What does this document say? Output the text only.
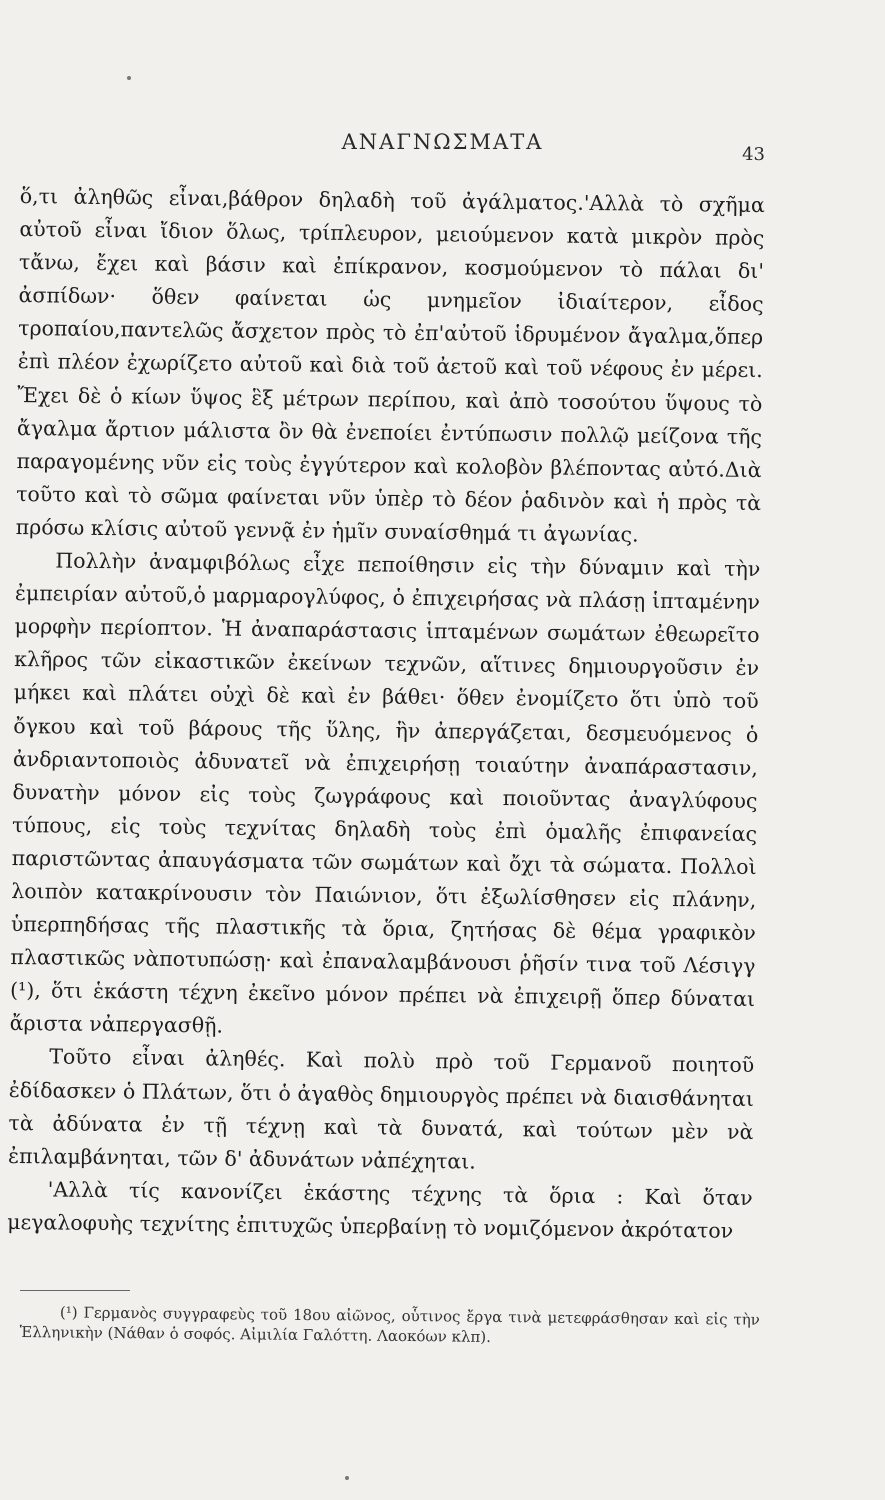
ΑΝΑΓΝΩΣΜΑΤΑ
43

ὅ,τι ἀληθῶς εἶναι,βάθρον δηλαδὴ τοῦ ἀγάλματος.'Αλλὰ τὸ σχῆμα αὐτοῦ εἶναι ἴδιον ὅλως, τρίπλευρον, μειούμενον κατὰ μικρὸν πρὸς τἄνω, ἔχει καὶ βάσιν καὶ ἐπίκρανον, κοσμούμενον τὸ πάλαι δι' ἀσπίδων· ὅθεν φαίνεται ὡς μνημεῖον ἰδιαίτερον, εἶδος τροπαίου,παντελῶς ἄσχετον πρὸς τὸ ἐπ'αὐτοῦ ἱδρυμένον ἄγαλμα,ὅπερ ἐπὶ πλέον ἐχωρίζετο αὐτοῦ καὶ διὰ τοῦ ἀετοῦ καὶ τοῦ νέφους ἐν μέρει. Ἔχει δὲ ὁ κίων ὕψος ἓξ μέτρων περίπου, καὶ ἀπὸ τοσούτου ὕψους τὸ ἄγαλμα ἄρτιον μάλιστα ὂν θὰ ἐνεποίει ἐντύπωσιν πολλῷ μείζονα τῆς παραγομένης νῦν εἰς τοὺς ἐγγύτερον καὶ κολοβὸν βλέποντας αὐτό.Διὰ τοῦτο καὶ τὸ σῶμα φαίνεται νῦν ὑπὲρ τὸ δέον ῥαδινὸν καὶ ἡ πρὸς τὰ πρόσω κλίσις αὐτοῦ γεννᾷ ἐν ἡμῖν συναίσθημά τι ἀγωνίας.

Πολλὴν ἀναμφιβόλως εἶχε πεποίθησιν εἰς τὴν δύναμιν καὶ τὴν ἐμπειρίαν αὐτοῦ,ὁ μαρμαρογλύφος, ὁ ἐπιχειρήσας νὰ πλάσῃ ἱπταμένην μορφὴν περίοπτον. Ἡ ἀναπαράστασις ἱπταμένων σωμάτων ἐθεωρεῖτο κλῆρος τῶν εἰκαστικῶν ἐκείνων τεχνῶν, αἵτινες δημιουργοῦσιν ἐν μήκει καὶ πλάτει οὐχὶ δὲ καὶ ἐν βάθει· ὅθεν ἐνομίζετο ὅτι ὑπὸ τοῦ ὄγκου καὶ τοῦ βάρους τῆς ὕλης, ἣν ἀπεργάζεται, δεσμευόμενος ὁ ἀνδριαντοποιὸς ἀδυνατεῖ νὰ ἐπιχειρήσῃ τοιαύτην ἀναπάραστασιν, δυνατὴν μόνον εἰς τοὺς ζωγράφους καὶ ποιοῦντας ἀναγλύφους τύπους, εἰς τοὺς τεχνίτας δηλαδὴ τοὺς ἐπὶ ὁμαλῆς ἐπιφανείας παριστῶντας ἀπαυγάσματα τῶν σωμάτων καὶ ὄχι τὰ σώματα. Πολλοὶ λοιπὸν κατακρίνουσιν τὸν Παιώνιον, ὅτι ἐξωλίσθησεν εἰς πλάνην, ὑπερπηδήσας τῆς πλαστικῆς τὰ ὅρια, ζητήσας δὲ θέμα γραφικὸν πλαστικῶς νὰποτυπώσῃ· καὶ ἐπαναλαμβάνουσι ῥῆσίν τινα τοῦ Λέσιγγ (¹), ὅτι ἑκάστη τέχνη ἐκεῖνο μόνον πρέπει νὰ ἐπιχειρῇ ὅπερ δύναται ἄριστα νἀπεργασθῇ.

Τοῦτο εἶναι ἀληθές. Καὶ πολὺ πρὸ τοῦ Γερμανοῦ ποιητοῦ ἐδίδασκεν ὁ Πλάτων, ὅτι ὁ ἀγαθὸς δημιουργὸς πρέπει νὰ διαισθάνηται τὰ ἀδύνατα ἐν τῇ τέχνῃ καὶ τὰ δυνατά, καὶ τούτων μὲν νὰ ἐπιλαμβάνηται, τῶν δ' ἀδυνάτων νἀπέχηται.

'Αλλὰ τίς κανονίζει ἑκάστης τέχνης τὰ ὅρια : Καὶ ὅταν μεγαλοφυὴς τεχνίτης ἐπιτυχῶς ὑπερβαίνῃ τὸ νομιζόμενον ἀκρότατον

(¹) Γερμανὸς συγγραφεὺς τοῦ 18ου αἰῶνος, οὗτινος ἔργα τινὰ μετεφράσθησαν καὶ εἰς τὴν Ἑλληνικὴν (Νάθαν ὁ σοφός. Αἰμιλία Γαλόττη. Λαοκόων κλπ).
